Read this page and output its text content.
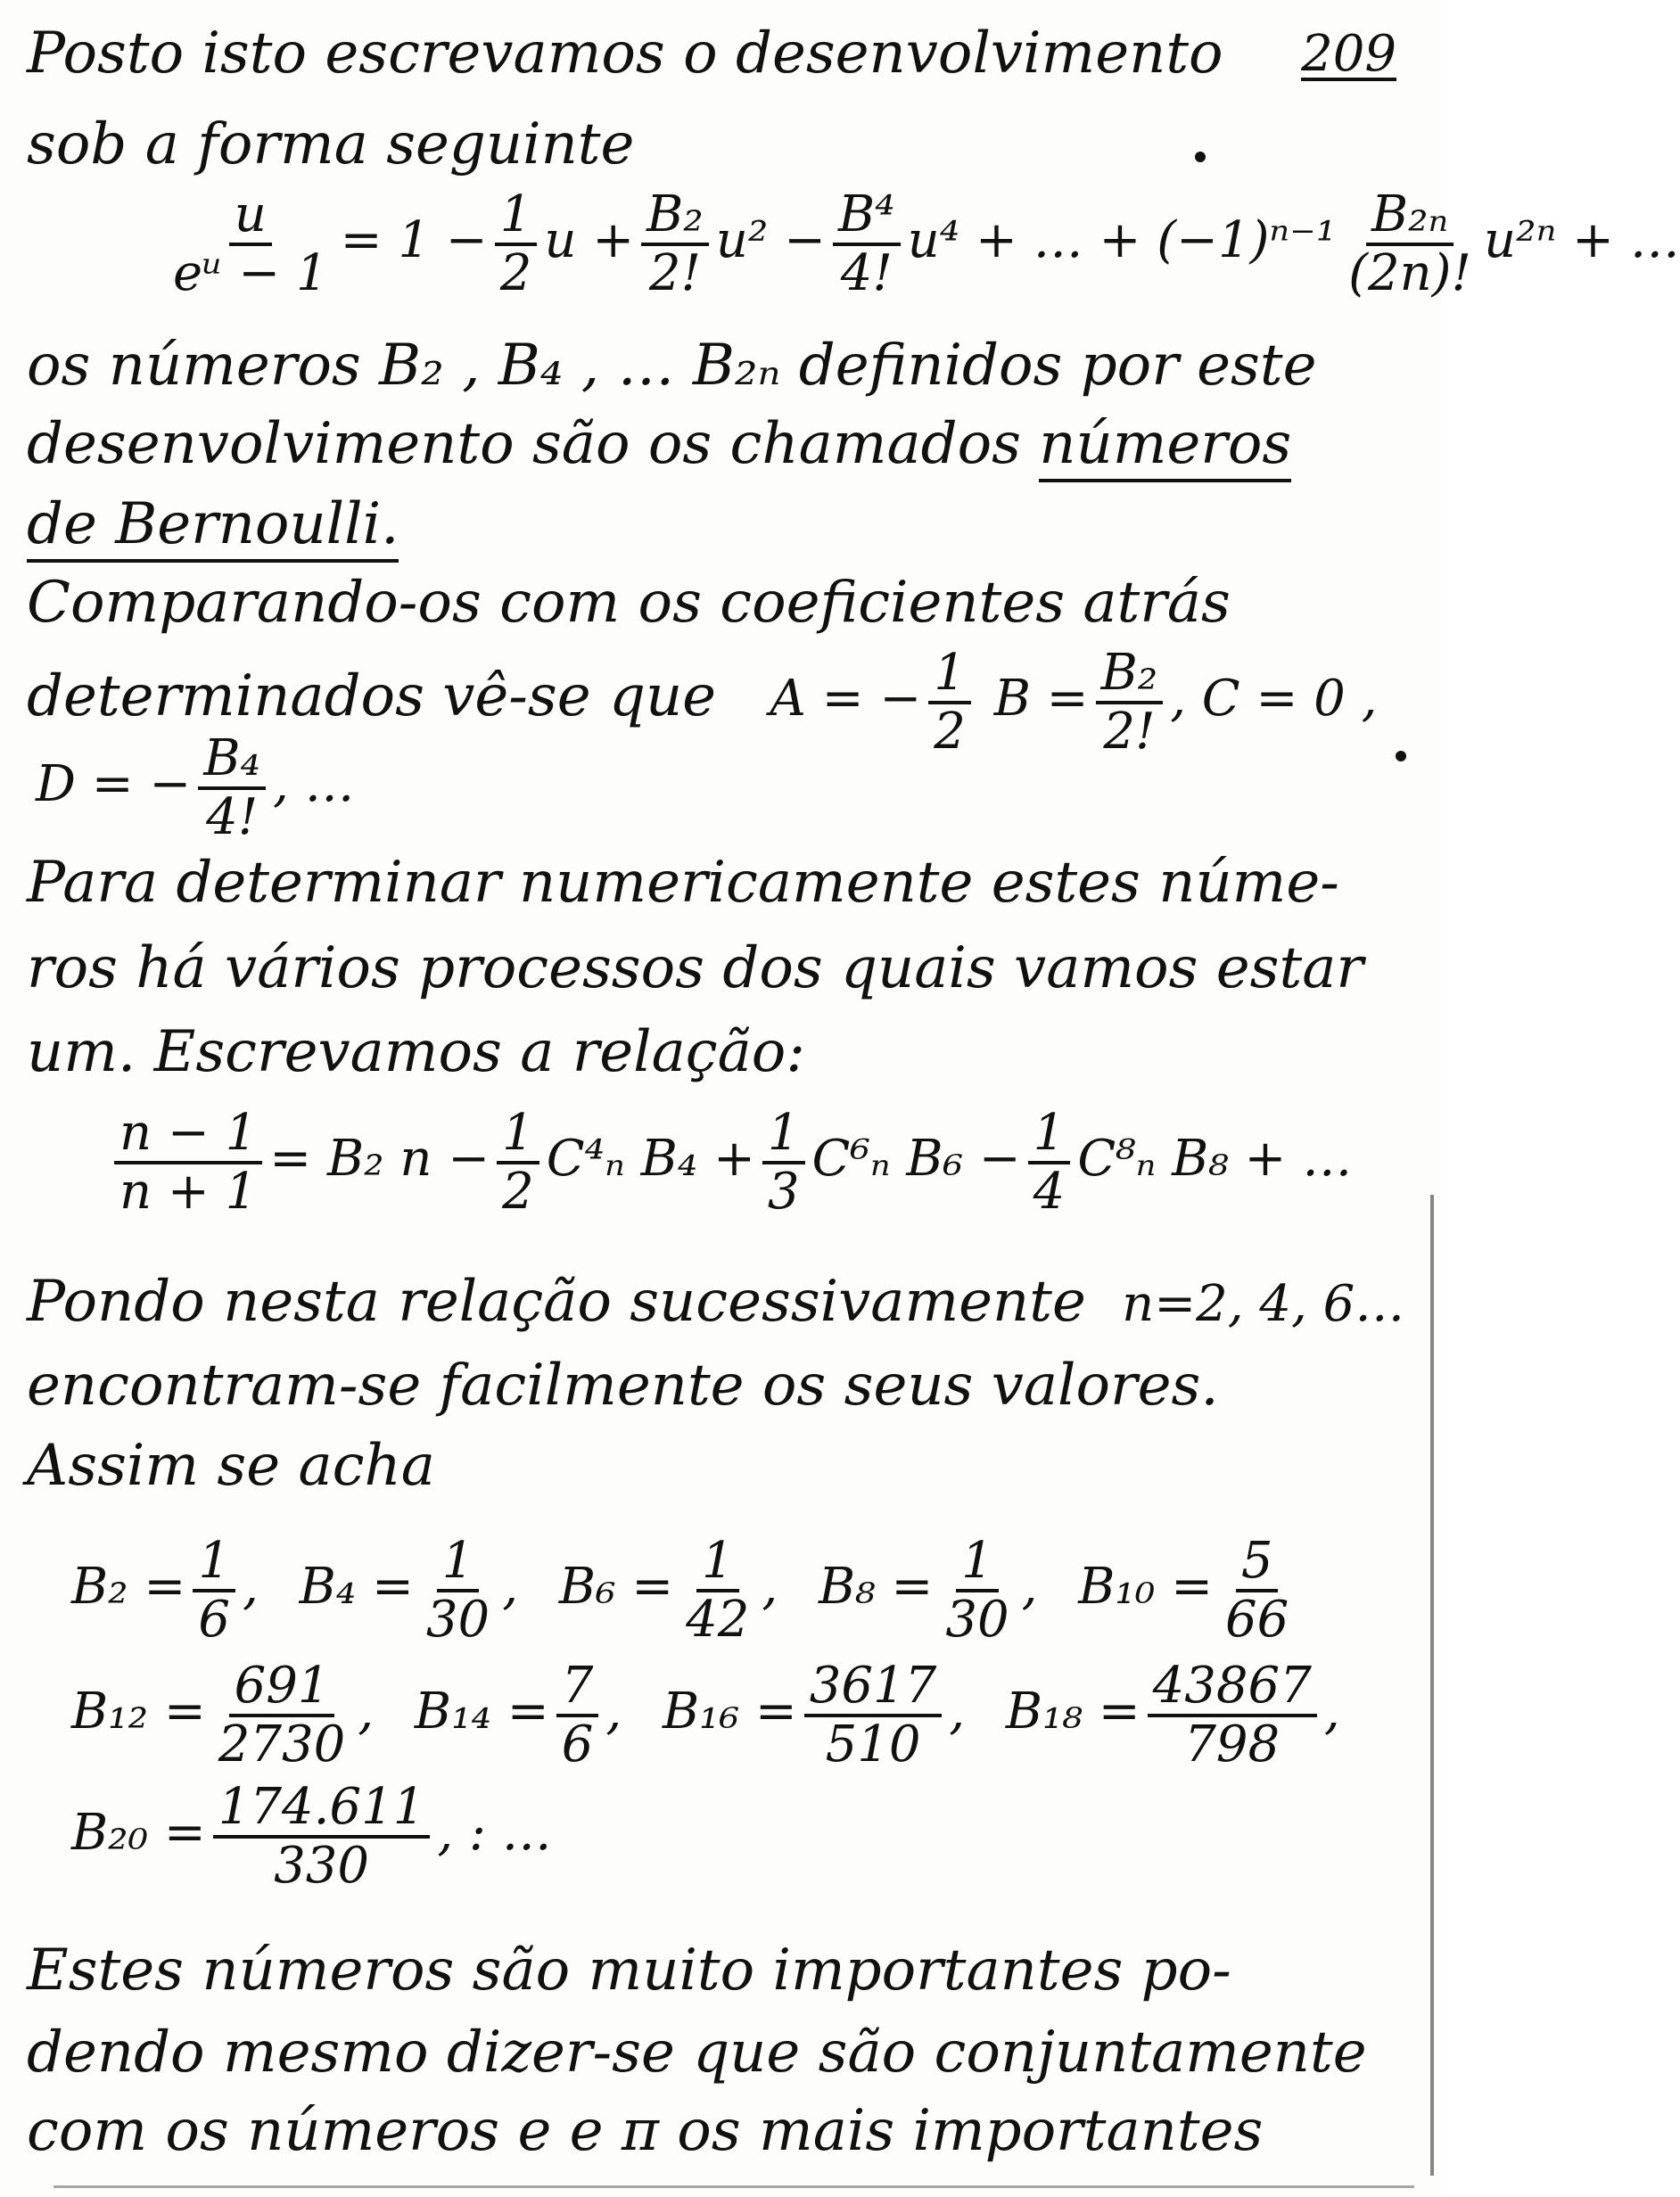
209
Posto isto escrevamos o desenvolvimento
sob a forma seguinte
$\frac{u}{\text{eᵘ − 1}} = 1 - \frac{1}{2}$ $u + \frac{\text{B₂}}{2!} u^2 - \frac{\text{B⁴}}{4!} u^4$ + … + $(-1)^{n-1} \frac{\text{B₂ₙ}}{(2n)!} u^{2n}$ + …
os números B₂ , B₄ , … B₂ₙ definidos por este
desenvolvimento são os chamados números
de Bernoulli.
Comparando-os com os coeficientes atrás
determinados vê-se que A = − $\frac{1}{2}$ $B = \frac{\text{B₂}}{2!}$ , C = 0 ,
D = − $\frac{\text{B₄}}{4!}$ , …
Para determinar numericamente estes núme-
ros há vários processos dos quais vamos estar
um. Escrevamos a relação:
$\frac{n - 1}{n + 1} = B_2$ $n - \frac{1}{2} C^4_n$ $B_4 + \frac{1}{3} C^6_n$ $B_6 - \frac{1}{4} C^8_n$ B₈ + …
Pondo nesta relação sucessivamente n=2, 4, 6…
encontram-se facilmente os seus valores.
Assim se acha
$B_2 = \frac{1}{6}$ , $B_4 = \frac{1}{30}$ , $B_6 = \frac{1}{42}$ , $B_8 = \frac{1}{30}$ , $B_{10} = \frac{5}{66}$
$B_{12} = \frac{691}{2730}$ , $B_{14} = \frac{7}{6}$ , $B_{16} = \frac{3617}{510}$ , $B_{18} = \frac{43867}{798}$ ,
$B_{20} = \frac{174.611}{330}$ , : …
Estes números são muito importantes po-
dendo mesmo dizer-se que são conjuntamente
com os números e e π os mais importantes
